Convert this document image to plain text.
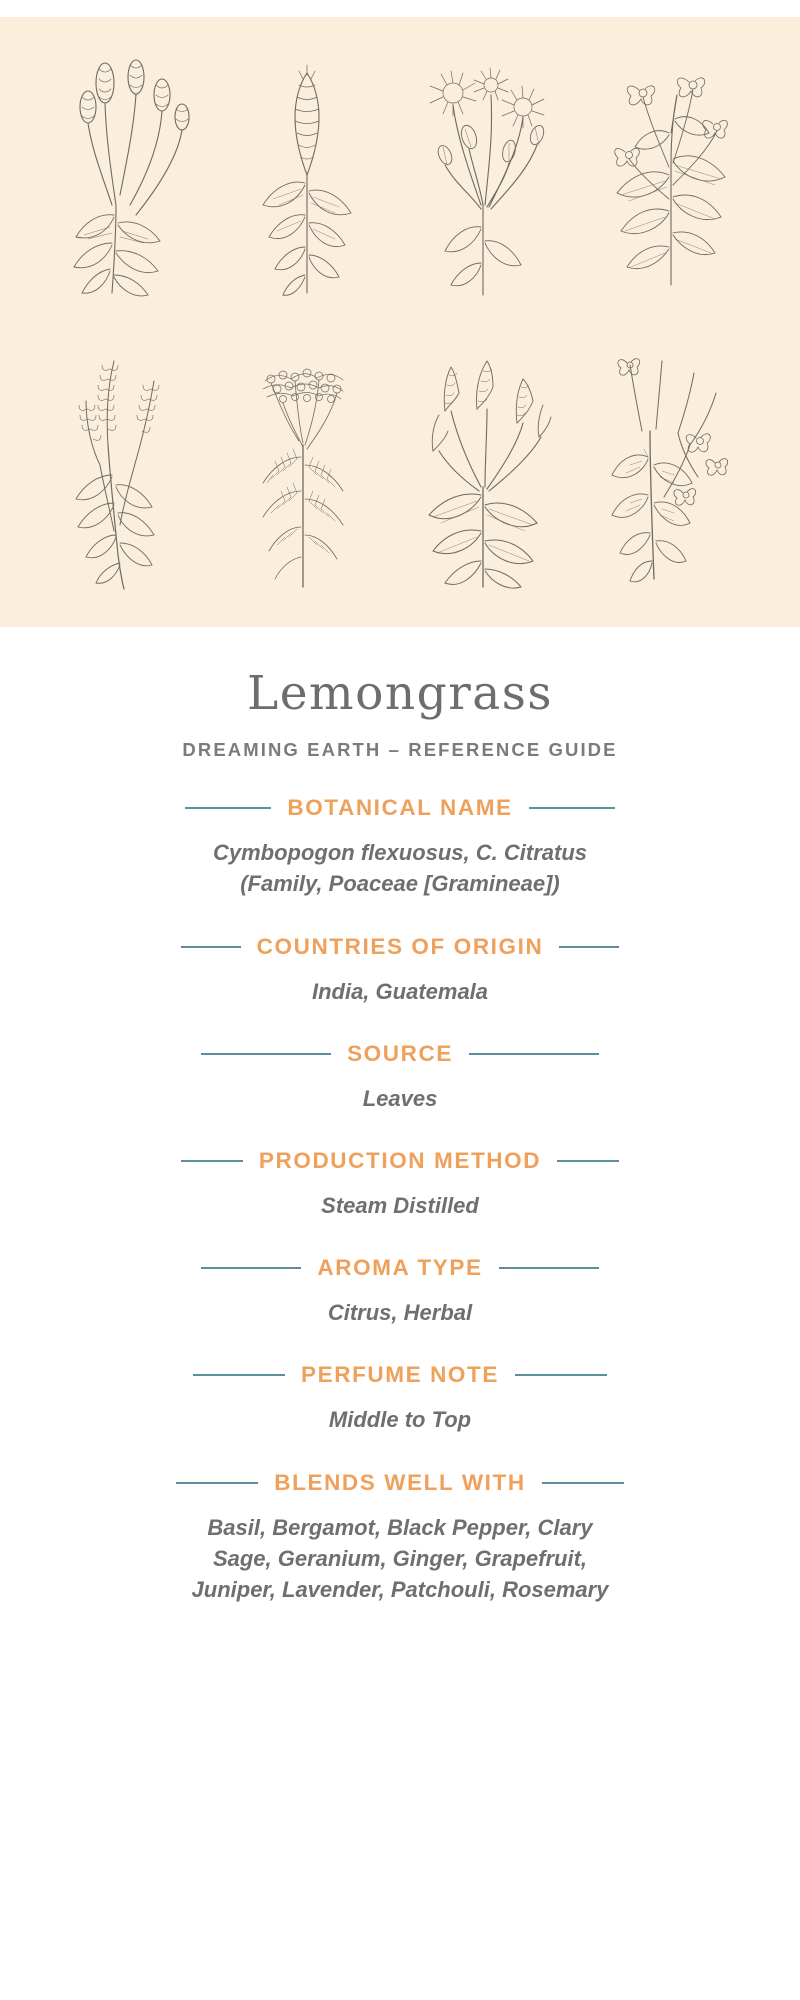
Lemongrass
DREAMING EARTH – REFERENCE GUIDE
BOTANICAL NAME
Cymbopogon flexuosus, C. Citratus
(Family, Poaceae [Gramineae])
COUNTRIES OF ORIGIN
India, Guatemala
SOURCE
Leaves
PRODUCTION METHOD
Steam Distilled
AROMA TYPE
Citrus, Herbal
PERFUME NOTE
Middle to Top
BLENDS WELL WITH
Basil, Bergamot, Black Pepper, Clary
Sage, Geranium, Ginger, Grapefruit,
Juniper, Lavender, Patchouli, Rosemary
